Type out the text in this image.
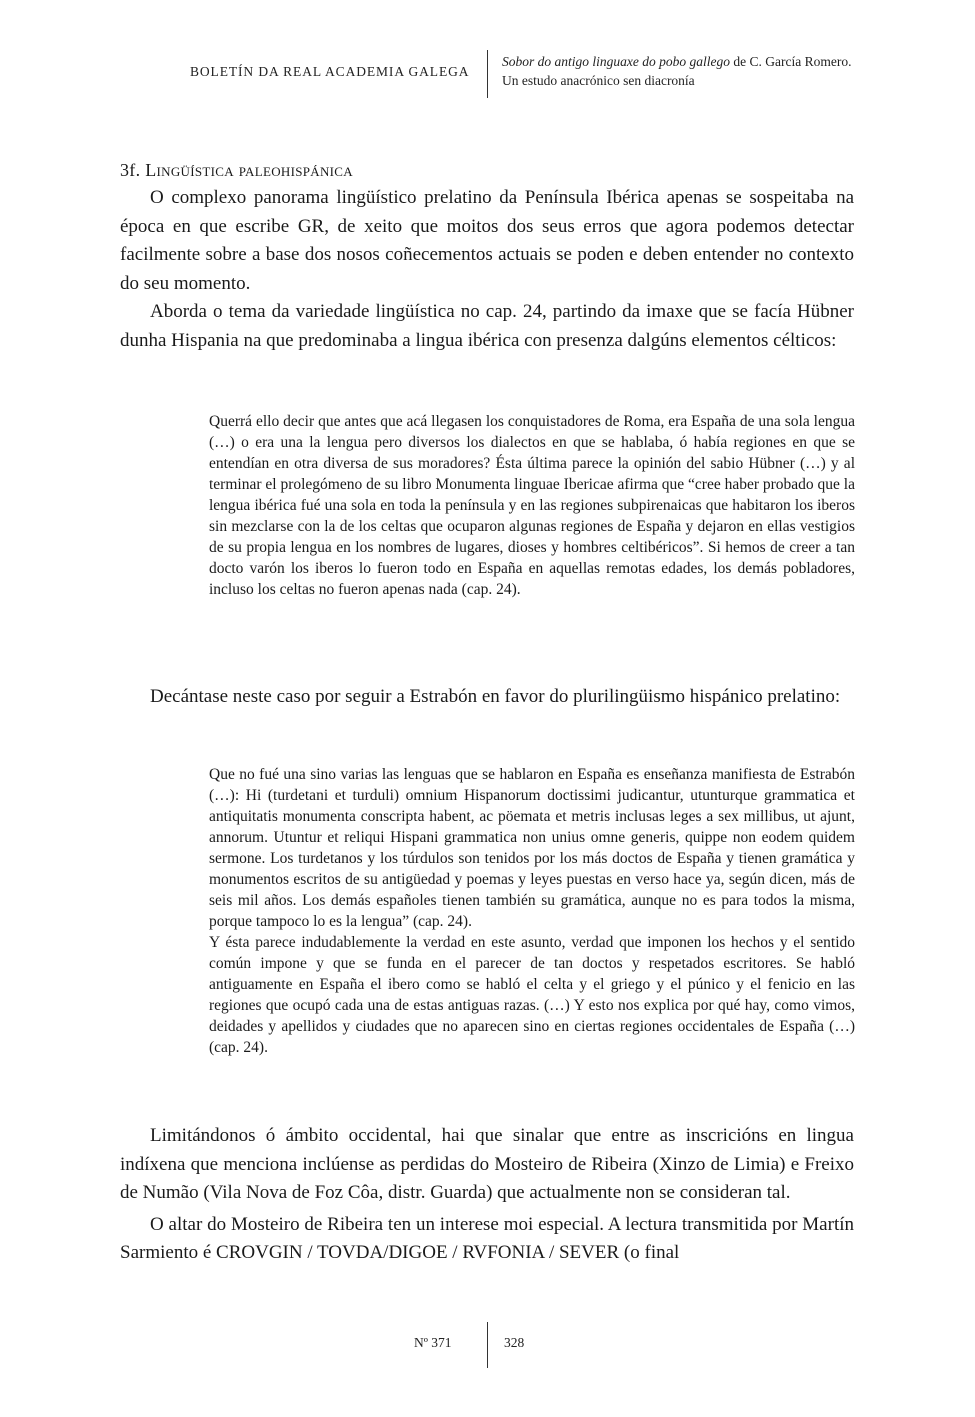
BOLETÍN DA REAL ACADEMIA GALEGA
Sobor do antigo linguaxe do pobo gallego de C. García Romero.
Un estudo anacrónico sen diacronía
3f. Lingüística paleohispánica

O complexo panorama lingüístico prelatino da Península Ibérica apenas se sospeitaba na época en que escribe GR, de xeito que moitos dos seus erros que agora podemos detectar facilmente sobre a base dos nosos coñecementos actuais se poden e deben entender no contexto do seu momento.

Aborda o tema da variedade lingüística no cap. 24, partindo da imaxe que se facía Hübner dunha Hispania na que predominaba a lingua ibérica con presenza dalgúns elementos célticos:

Querrá ello decir que antes que acá llegasen los conquistadores de Roma, era España de una sola lengua (…) o era una la lengua pero diversos los dialectos en que se hablaba, ó había regiones en que se entendían en otra diversa de sus moradores? Ésta última parece la opinión del sabio Hübner (…) y al terminar el prolegómeno de su libro Monumenta linguae Ibericae afirma que “cree haber probado que la lengua ibérica fué una sola en toda la península y en las regiones subpirenaicas que habitaron los iberos sin mezclarse con la de los celtas que ocuparon algunas regiones de España y dejaron en ellas vestigios de su propia lengua en los nombres de lugares, dioses y hombres celtibéricos”. Si hemos de creer a tan docto varón los iberos lo fueron todo en España en aquellas remotas edades, los demás pobladores, incluso los celtas no fueron apenas nada (cap. 24).

Decántase neste caso por seguir a Estrabón en favor do plurilingüismo hispánico prelatino:

Que no fué una sino varias las lenguas que se hablaron en España es enseñanza manifiesta de Estrabón (…): Hi (turdetani et turduli) omnium Hispanorum doctissimi judicantur, utunturque grammatica et antiquitatis monumenta conscripta habent, ac pöemata et metris inclusas leges a sex millibus, ut ajunt, annorum. Utuntur et reliqui Hispani grammatica non unius omne generis, quippe non eodem quidem sermone. Los turdetanos y los túrdulos son tenidos por los más doctos de España y tienen gramática y monumentos escritos de su antigüedad y poemas y leyes puestas en verso hace ya, según dicen, más de seis mil años. Los demás españoles tienen también su gramática, aunque no es para todos la misma, porque tampoco lo es la lengua” (cap. 24).

Y ésta parece indudablemente la verdad en este asunto, verdad que imponen los hechos y el sentido común impone y que se funda en el parecer de tan doctos y respetados escritores. Se habló antiguamente en España el ibero como se habló el celta y el griego y el púnico y el fenicio en las regiones que ocupó cada una de estas antiguas razas. (…) Y esto nos explica por qué hay, como vimos, deidades y apellidos y ciudades que no aparecen sino en ciertas regiones occidentales de España (…) (cap. 24).

Limitándonos ó ámbito occidental, hai que sinalar que entre as inscricións en lingua indíxena que menciona inclúense as perdidas do Mosteiro de Ribeira (Xinzo de Limia) e Freixo de Numão (Vila Nova de Foz Côa, distr. Guarda) que actualmente non se consideran tal.

O altar do Mosteiro de Ribeira ten un interese moi especial. A lectura transmitida por Martín Sarmiento é CROVGIN / TOVDA/DIGOE / RVFONIA / SEVER (o final

Nº 371	328
